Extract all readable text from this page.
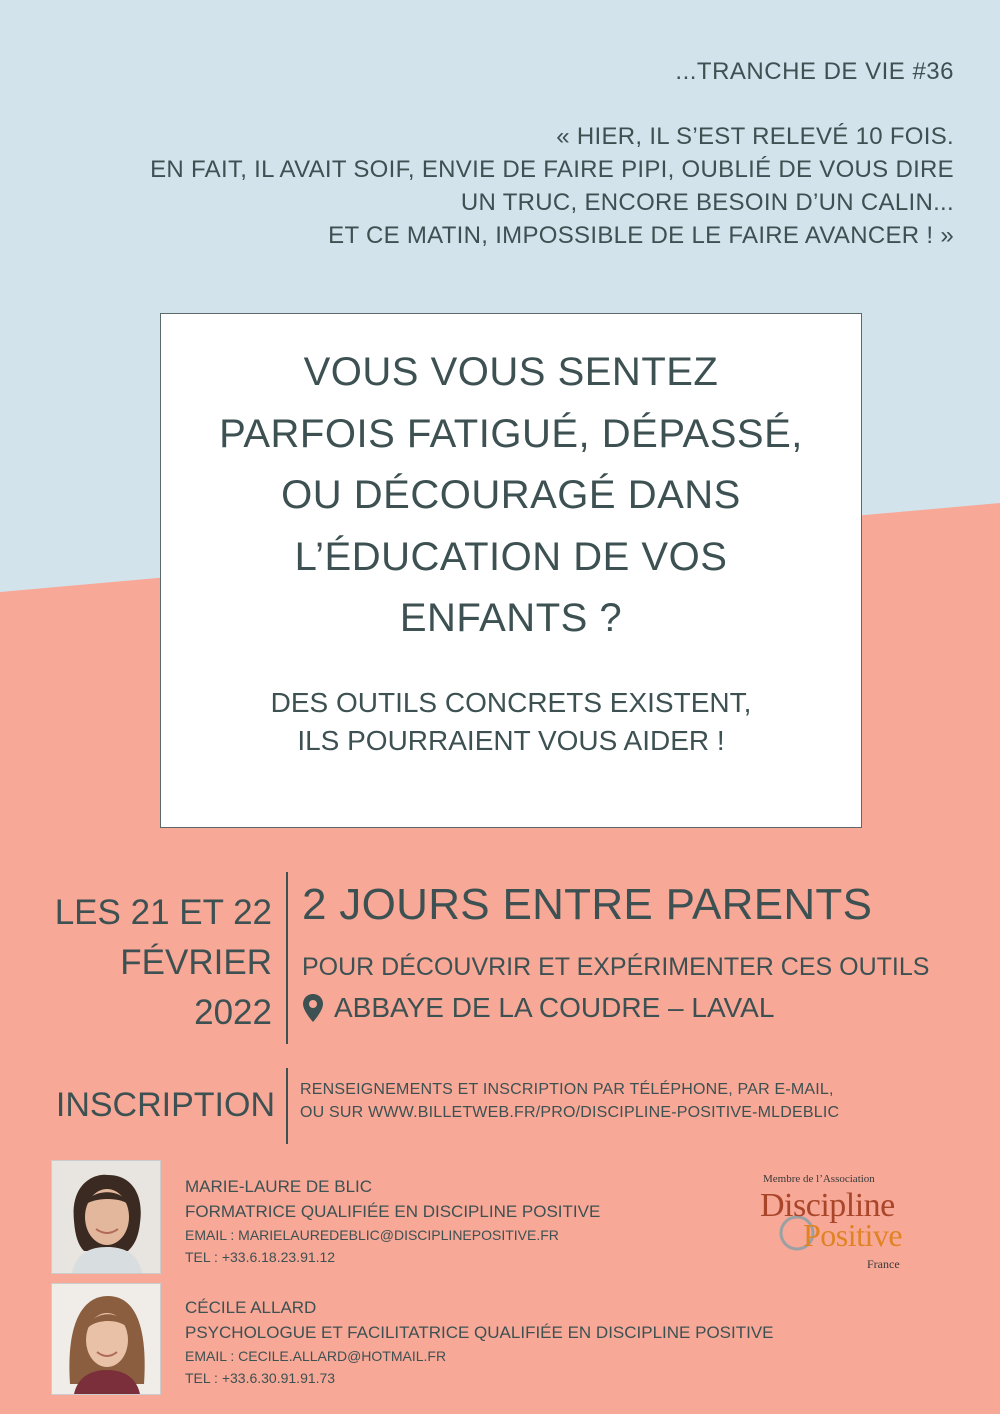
...TRANCHE DE VIE #36
« HIER, IL S’EST RELEVÉ 10 FOIS.
EN FAIT, IL AVAIT SOIF, ENVIE DE FAIRE PIPI, OUBLIÉ DE VOUS DIRE
UN TRUC, ENCORE BESOIN D’UN CALIN...
ET CE MATIN, IMPOSSIBLE DE LE FAIRE AVANCER ! »
VOUS VOUS SENTEZ
PARFOIS FATIGUÉ, DÉPASSÉ,
OU DÉCOURAGÉ DANS
L’ÉDUCATION DE VOS
ENFANTS ?
DES OUTILS CONCRETS EXISTENT,
ILS POURRAIENT VOUS AIDER !
LES 21 ET 22
FÉVRIER
2022
2 JOURS ENTRE PARENTS
POUR DÉCOUVRIR ET EXPÉRIMENTER CES OUTILS
ABBAYE DE LA COUDRE – LAVAL
INSCRIPTION RENSEIGNEMENTS ET INSCRIPTION PAR TÉLÉPHONE, PAR E-MAIL,
OU SUR WWW.BILLETWEB.FR/PRO/DISCIPLINE-POSITIVE-MLDEBLIC
MARIE-LAURE DE BLIC
FORMATRICE QUALIFIÉE EN DISCIPLINE POSITIVE
EMAIL : MARIELAUREDEBLIC@DISCIPLINEPOSITIVE.FR
TEL : +33.6.18.23.91.12
CÉCILE ALLARD
PSYCHOLOGUE ET FACILITATRICE QUALIFIÉE EN DISCIPLINE POSITIVE
EMAIL : CECILE.ALLARD@HOTMAIL.FR
TEL : +33.6.30.91.91.73
Membre de l’Association
Discipline
Positive
France
